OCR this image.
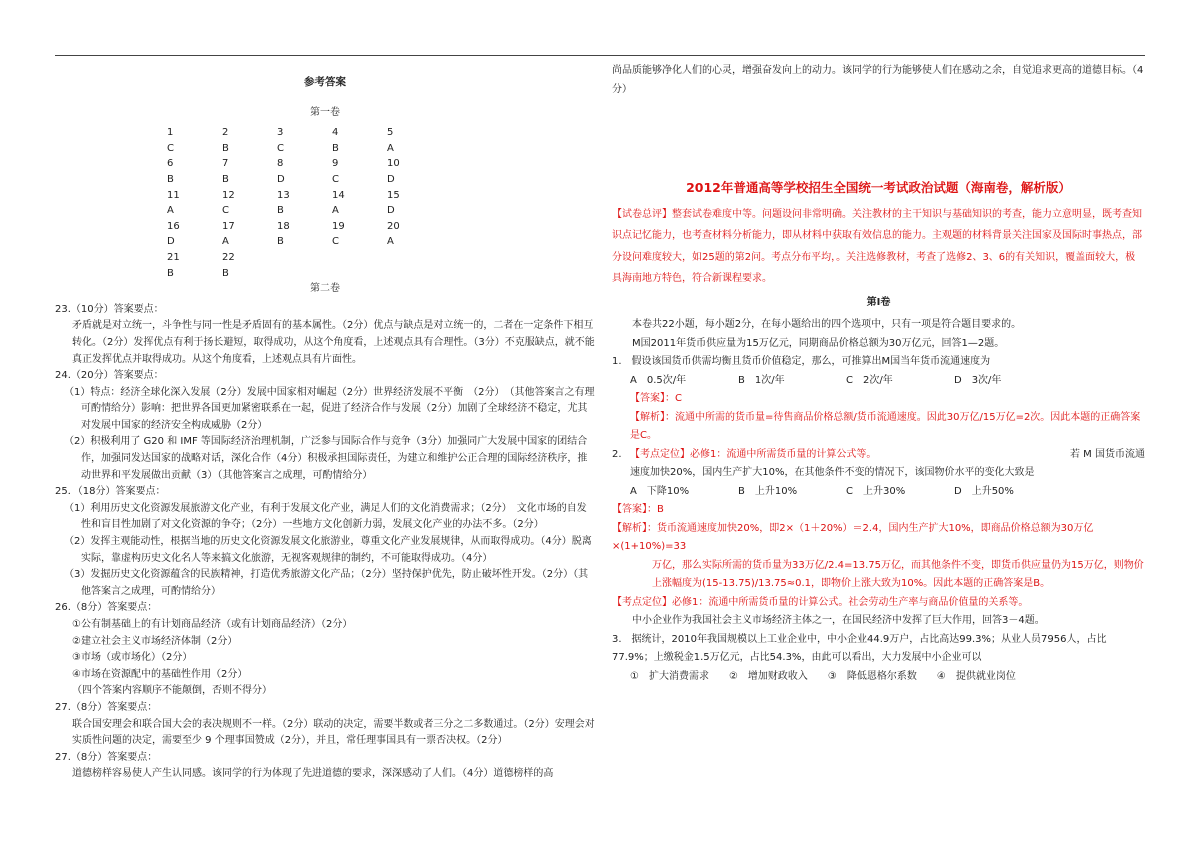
参考答案
第一卷
1	2	3	4	5
C	B	C	B	A
6	7	8	9	10
B	B	D	C	D
11	12	13	14	15
A	C	B	A	D
16	17	18	19	20
D	A	B	C	A
21	22			
B	B			
第二卷

23.（10分）答案要点：

矛盾就是对立统一，斗争性与同一性是矛盾固有的基本属性。（2分）优点与缺点是对立统一的，二者在一定条件下相互转化。（2分）发挥优点有利于扬长避短，取得成功，从这个角度看，上述观点具有合理性。（3分）不克服缺点，就不能真正发挥优点并取得成功。从这个角度看，上述观点具有片面性。

24.（20分）答案要点：

（1）特点：经济全球化深入发展（2分）发展中国家相对崛起（2分）世界经济发展不平衡　（2分）　（其他答案言之有理可酌情给分）影响：把世界各国更加紧密联系在一起，促进了经济合作与发展（2分）加剧了全球经济不稳定，尤其对发展中国家的经济安全构成威胁（2分）

（2）积极利用了 G20 和 IMF 等国际经济治理机制，广泛参与国际合作与竞争（3分）加强同广大发展中国家的团结合作，加强同发达国家的战略对话，深化合作（4分）积极承担国际责任，为建立和维护公正合理的国际经济秩序，推动世界和平发展做出贡献（3）（其他答案言之成理，可酌情给分）

25．（18分）答案要点：

（1）利用历史文化资源发展旅游文化产业，有利于发展文化产业，满足人们的文化消费需求；（2分）　文化市场的自发性和盲目性加剧了对文化资源的争夺；（2分）一些地方文化创新力弱，发展文化产业的办法不多。（2分）

（2）发挥主观能动性，根据当地的历史文化资源发展文化旅游业，尊重文化产业发展规律，从而取得成功。（4分）脱离实际，靠虚构历史文化名人等来搞文化旅游，无视客观规律的制约，不可能取得成功。（4分）

（3）发掘历史文化资源蕴含的民族精神，打造优秀旅游文化产品；（2分）坚持保护优先，防止破坏性开发。（2分）（其他答案言之成理，可酌情给分）

26.（8分）答案要点：

①公有制基础上的有计划商品经济（或有计划商品经济）（2分）

②建立社会主义市场经济体制（2分）

③市场（或市场化）（2分）

④市场在资源配中的基础性作用（2分）

（四个答案内容顺序不能颠倒，否则不得分）

27.（8分）答案要点：

联合国安理会和联合国大会的表决规则不一样。（2分）联动的决定，需要半数或者三分之二多数通过。（2分）安理会对实质性问题的决定，需要至少 9 个理事国赞成（2分），并且，常任理事国具有一票否决权。（2分）

27.（8分）答案要点：

道德榜样容易使人产生认同感。该同学的行为体现了先进道德的要求，深深感动了人们。（4分）道德榜样的高

尚品质能够净化人们的心灵，增强奋发向上的动力。该同学的行为能够使人们在感动之余，自觉追求更高的道德目标。（4分）

2012年普通高等学校招生全国统一考试政治试题（海南卷，解析版）

【试卷总评】整套试卷难度中等。问题设问非常明确。关注教材的主干知识与基础知识的考查，能力立意明显，既考查知识点记忆能力，也考查材料分析能力，即从材料中获取有效信息的能力。主观题的材料背景关注国家及国际时事热点，部分设问难度较大，如25题的第2问。考点分布平均，。关注选修教材，考查了选修2、3、6的有关知识，覆盖面较大，极具海南地方特色，符合新课程要求。

第Ⅰ卷

本卷共22小题，每小题2分，在每小题给出的四个选项中，只有一项是符合题目要求的。

M国2011年货币供应量为15万亿元，同期商品价格总额为30万亿元，回答1—2题。

1.　假设该国货币供需均衡且货币价值稳定，那么，可推算出M国当年货币流通速度为

A　0.5次/年	B　1次/年	C　2次/年	D　3次/年

【答案】：C

【解析】：流通中所需的货币量=待售商品价格总额/货币流通速度。因此30万亿/15万亿=2次。因此本题的正确答案是C。

2. 【考点定位】必修1：流通中所需货币量的计算公式等。	若 M 国货币流通

速度加快20%，国内生产扩大10%，在其他条件不变的情况下，该国物价水平的变化大致是

A　下降10%	B　上升10%	C　上升30%	D　上升50%

【答案】：B

【解析】：货币流通速度加快20%，即2×（1＋20%）＝2.4，国内生产扩大10%，即商品价格总额为30万亿×(1+10%)=33

万亿，那么实际所需的货币量为33万亿/2.4=13.75万亿，而其他条件不变，即货币供应量仍为15万亿，则物价上涨幅度为(15-13.75)/13.75≈0.1，即物价上涨大致为10%。因此本题的正确答案是B。

【考点定位】必修1：流通中所需货币量的计算公式。社会劳动生产率与商品价值量的关系等。

中小企业作为我国社会主义市场经济主体之一，在国民经济中发挥了巨大作用，回答3－4题。

3.　据统计，2010年我国规模以上工业企业中，中小企业44.9万户，占比高达99.3%；从业人员7956人，占比77.9%；上缴税金1.5万亿元，占比54.3%，由此可以看出，大力发展中小企业可以

①　扩大消费需求　　②　增加财政收入　　③　降低恩格尔系数　　④　提供就业岗位
